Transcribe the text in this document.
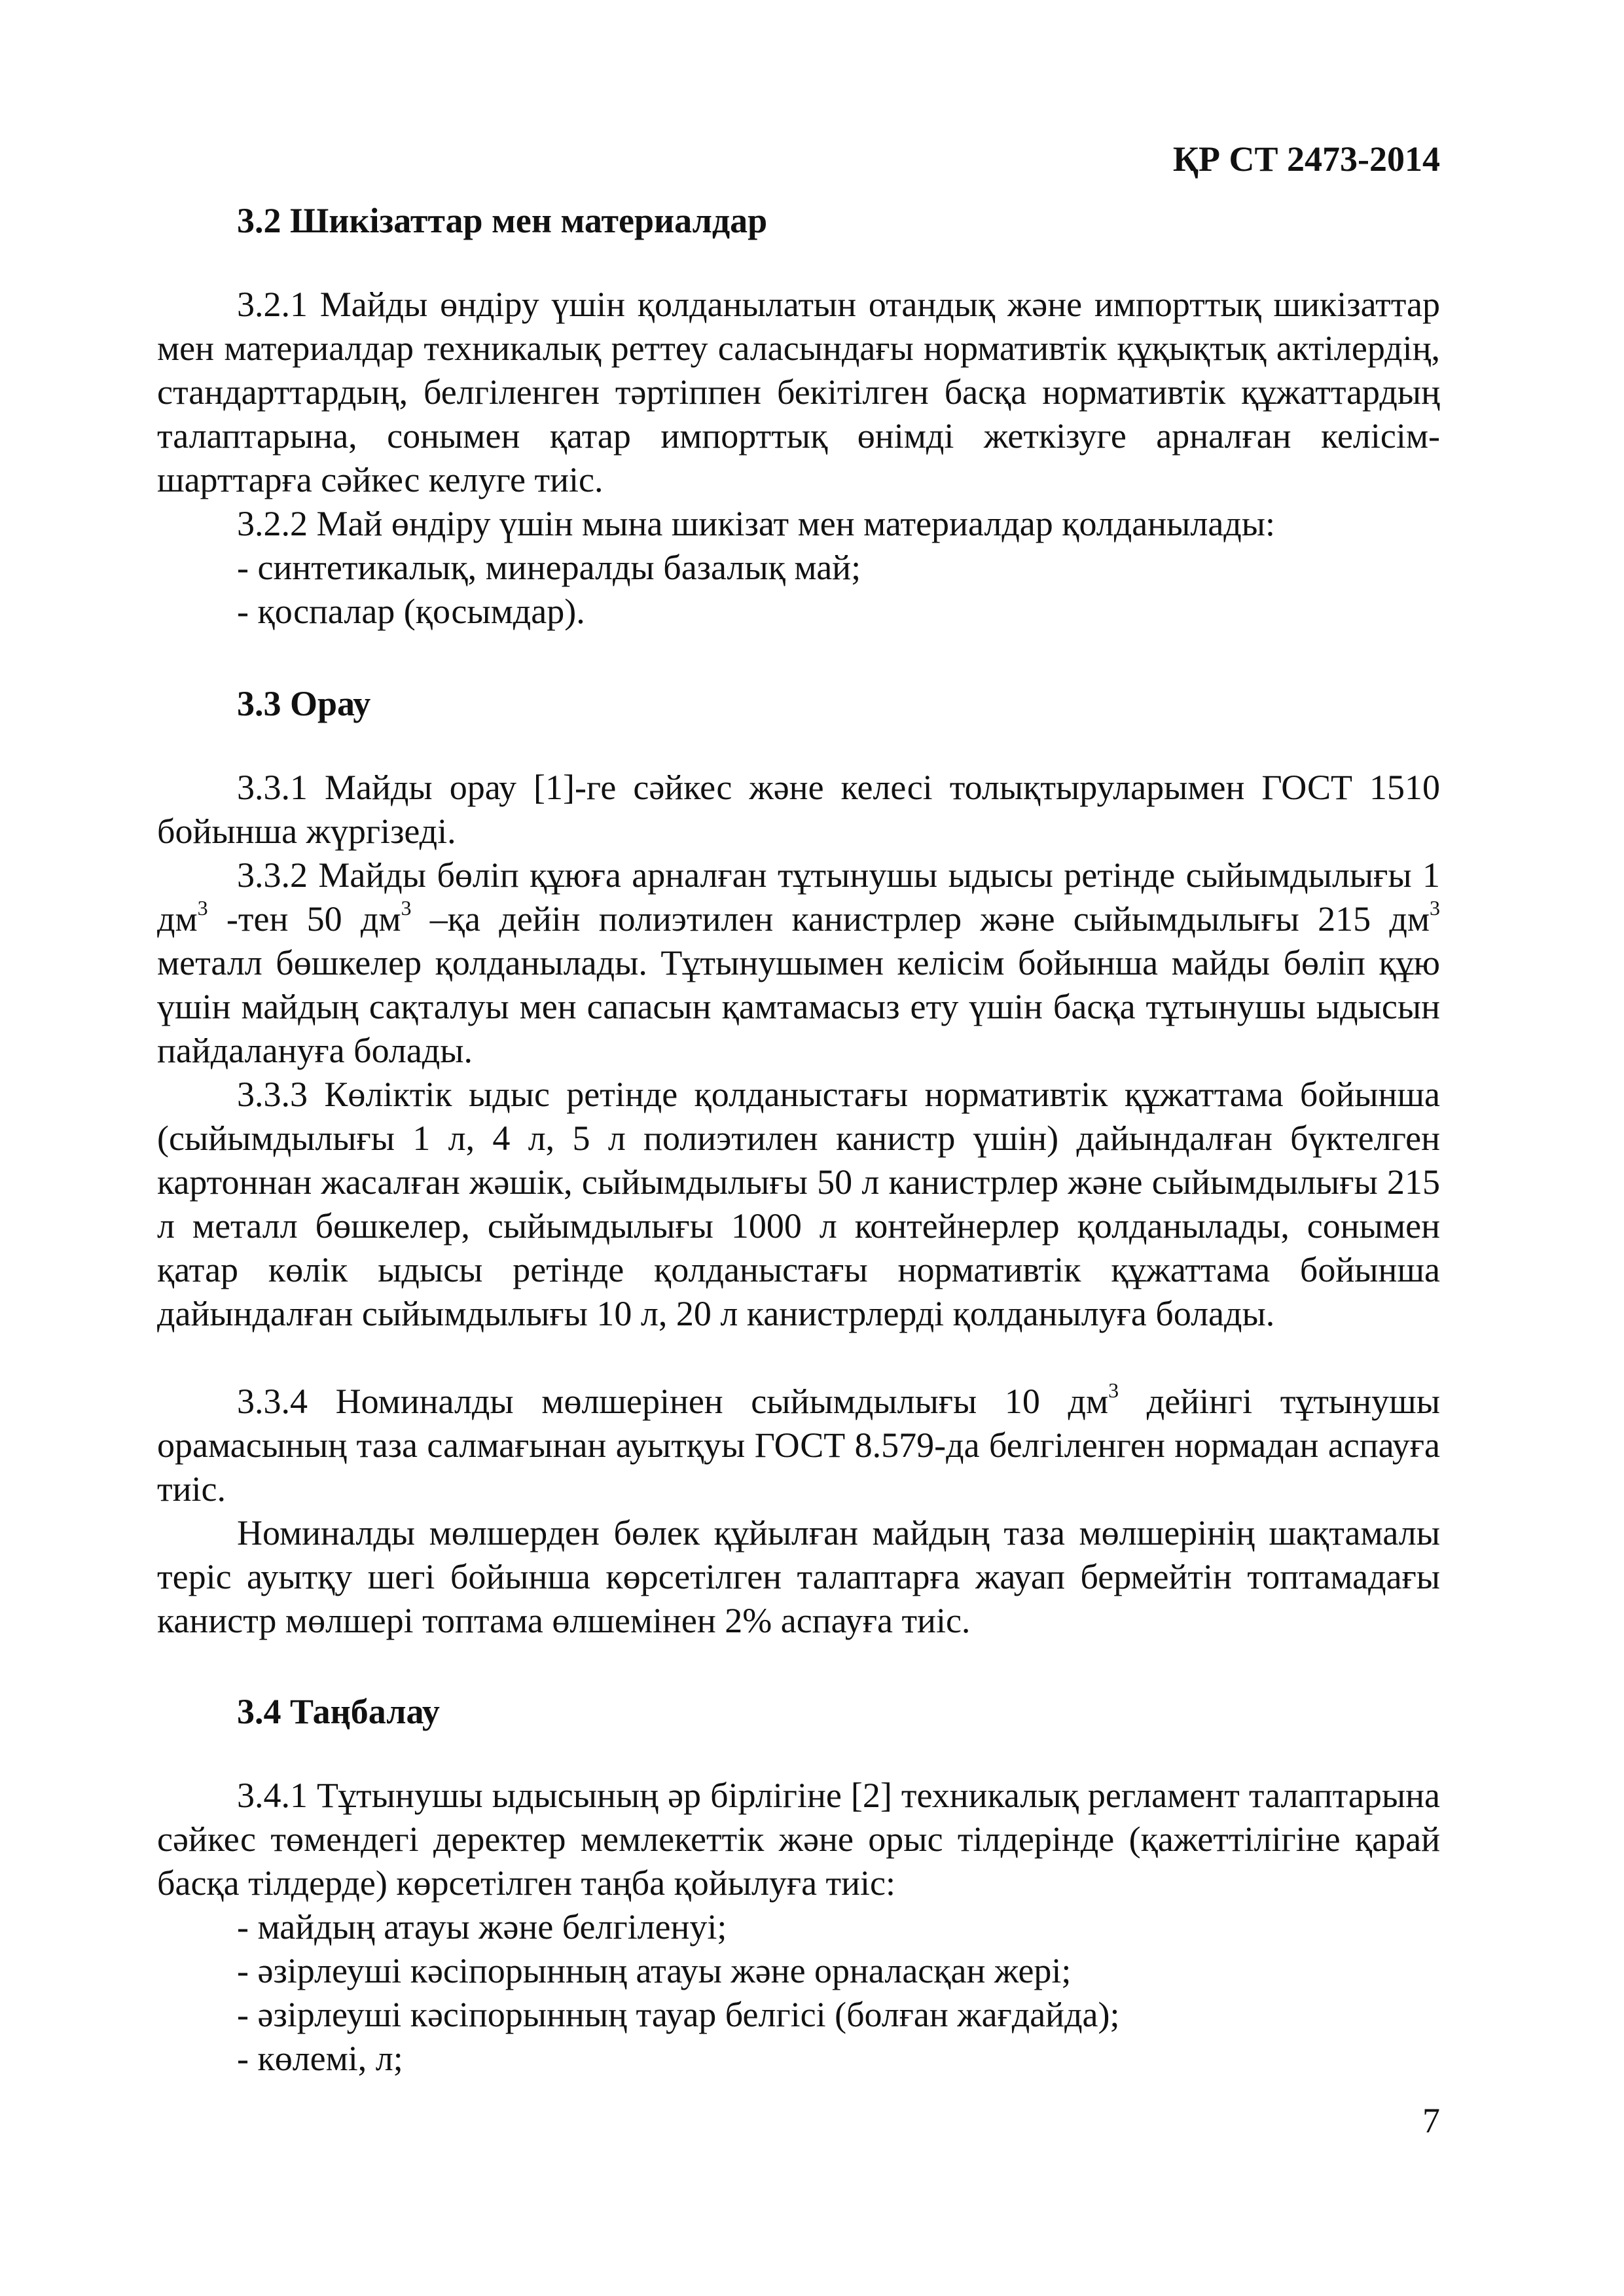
ҚР СТ 2473-2014
3.2 Шикізаттар мен материалдар

3.2.1 Майды өндіру үшін қолданылатын отандық және импорттық шикізаттар мен материалдар техникалық реттеу саласындағы нормативтік құқықтық актілердің, стандарттардың, белгіленген тәртіппен бекітілген басқа нормативтік құжаттардың талаптарына, сонымен қатар импорттық өнімді жеткізуге арналған келісім-шарттарға сәйкес келуге тиіс.

3.2.2 Май өндіру үшін мына шикізат мен материалдар қолданылады:

- синтетикалық, минералды базалық май;
- қоспалар (қосымдар).
3.3 Орау

3.3.1 Майды орау [1]-ге сәйкес және келесі толықтыруларымен ГОСТ 1510 бойынша жүргізеді.

3.3.2 Майды бөліп құюға арналған тұтынушы ыдысы ретінде сыйымдылығы 1 $дм^3$ -тен 50 $дм^3$ –қа дейін полиэтилен канистрлер және сыйымдылығы 215 $дм^3$ металл бөшкелер қолданылады. Тұтынушымен келісім бойынша майды бөліп құю үшін майдың сақталуы мен сапасын қамтамасыз ету үшін басқа тұтынушы ыдысын пайдалануға болады.

3.3.3 Көліктік ыдыс ретінде қолданыстағы нормативтік құжаттама бойынша (сыйымдылығы 1 л, 4 л, 5 л полиэтилен канистр үшін) дайындалған бүктелген картоннан жасалған жәшік, сыйымдылығы 50 л канистрлер және сыйымдылығы 215 л металл бөшкелер, сыйымдылығы 1000 л контейнерлер қолданылады, сонымен қатар көлік ыдысы ретінде қолданыстағы нормативтік құжаттама бойынша дайындалған сыйымдылығы 10 л, 20 л канистрлерді қолданылуға болады.

3.3.4 Номиналды мөлшерінен сыйымдылығы 10 $дм^3$ дейінгі тұтынушы орамасының таза салмағынан ауытқуы ГОСТ 8.579-да белгіленген нормадан аспауға тиіс.

Номиналды мөлшерден бөлек құйылған майдың таза мөлшерінің шақтамалы теріс ауытқу шегі бойынша көрсетілген талаптарға жауап бермейтін топтамадағы канистр мөлшері топтама өлшемінен 2% аспауға тиіс.

3.4 Таңбалау

3.4.1 Тұтынушы ыдысының әр бірлігіне [2] техникалық регламент талаптарына сәйкес төмендегі деректер мемлекеттік және орыс тілдерінде (қажеттілігіне қарай басқа тілдерде) көрсетілген таңба қойылуға тиіс:

- майдың атауы және белгіленуі;
- әзірлеуші кәсіпорынның атауы және орналасқан жері;
- әзірлеуші кәсіпорынның тауар белгісі (болған жағдайда);
- көлемі, л;
7
